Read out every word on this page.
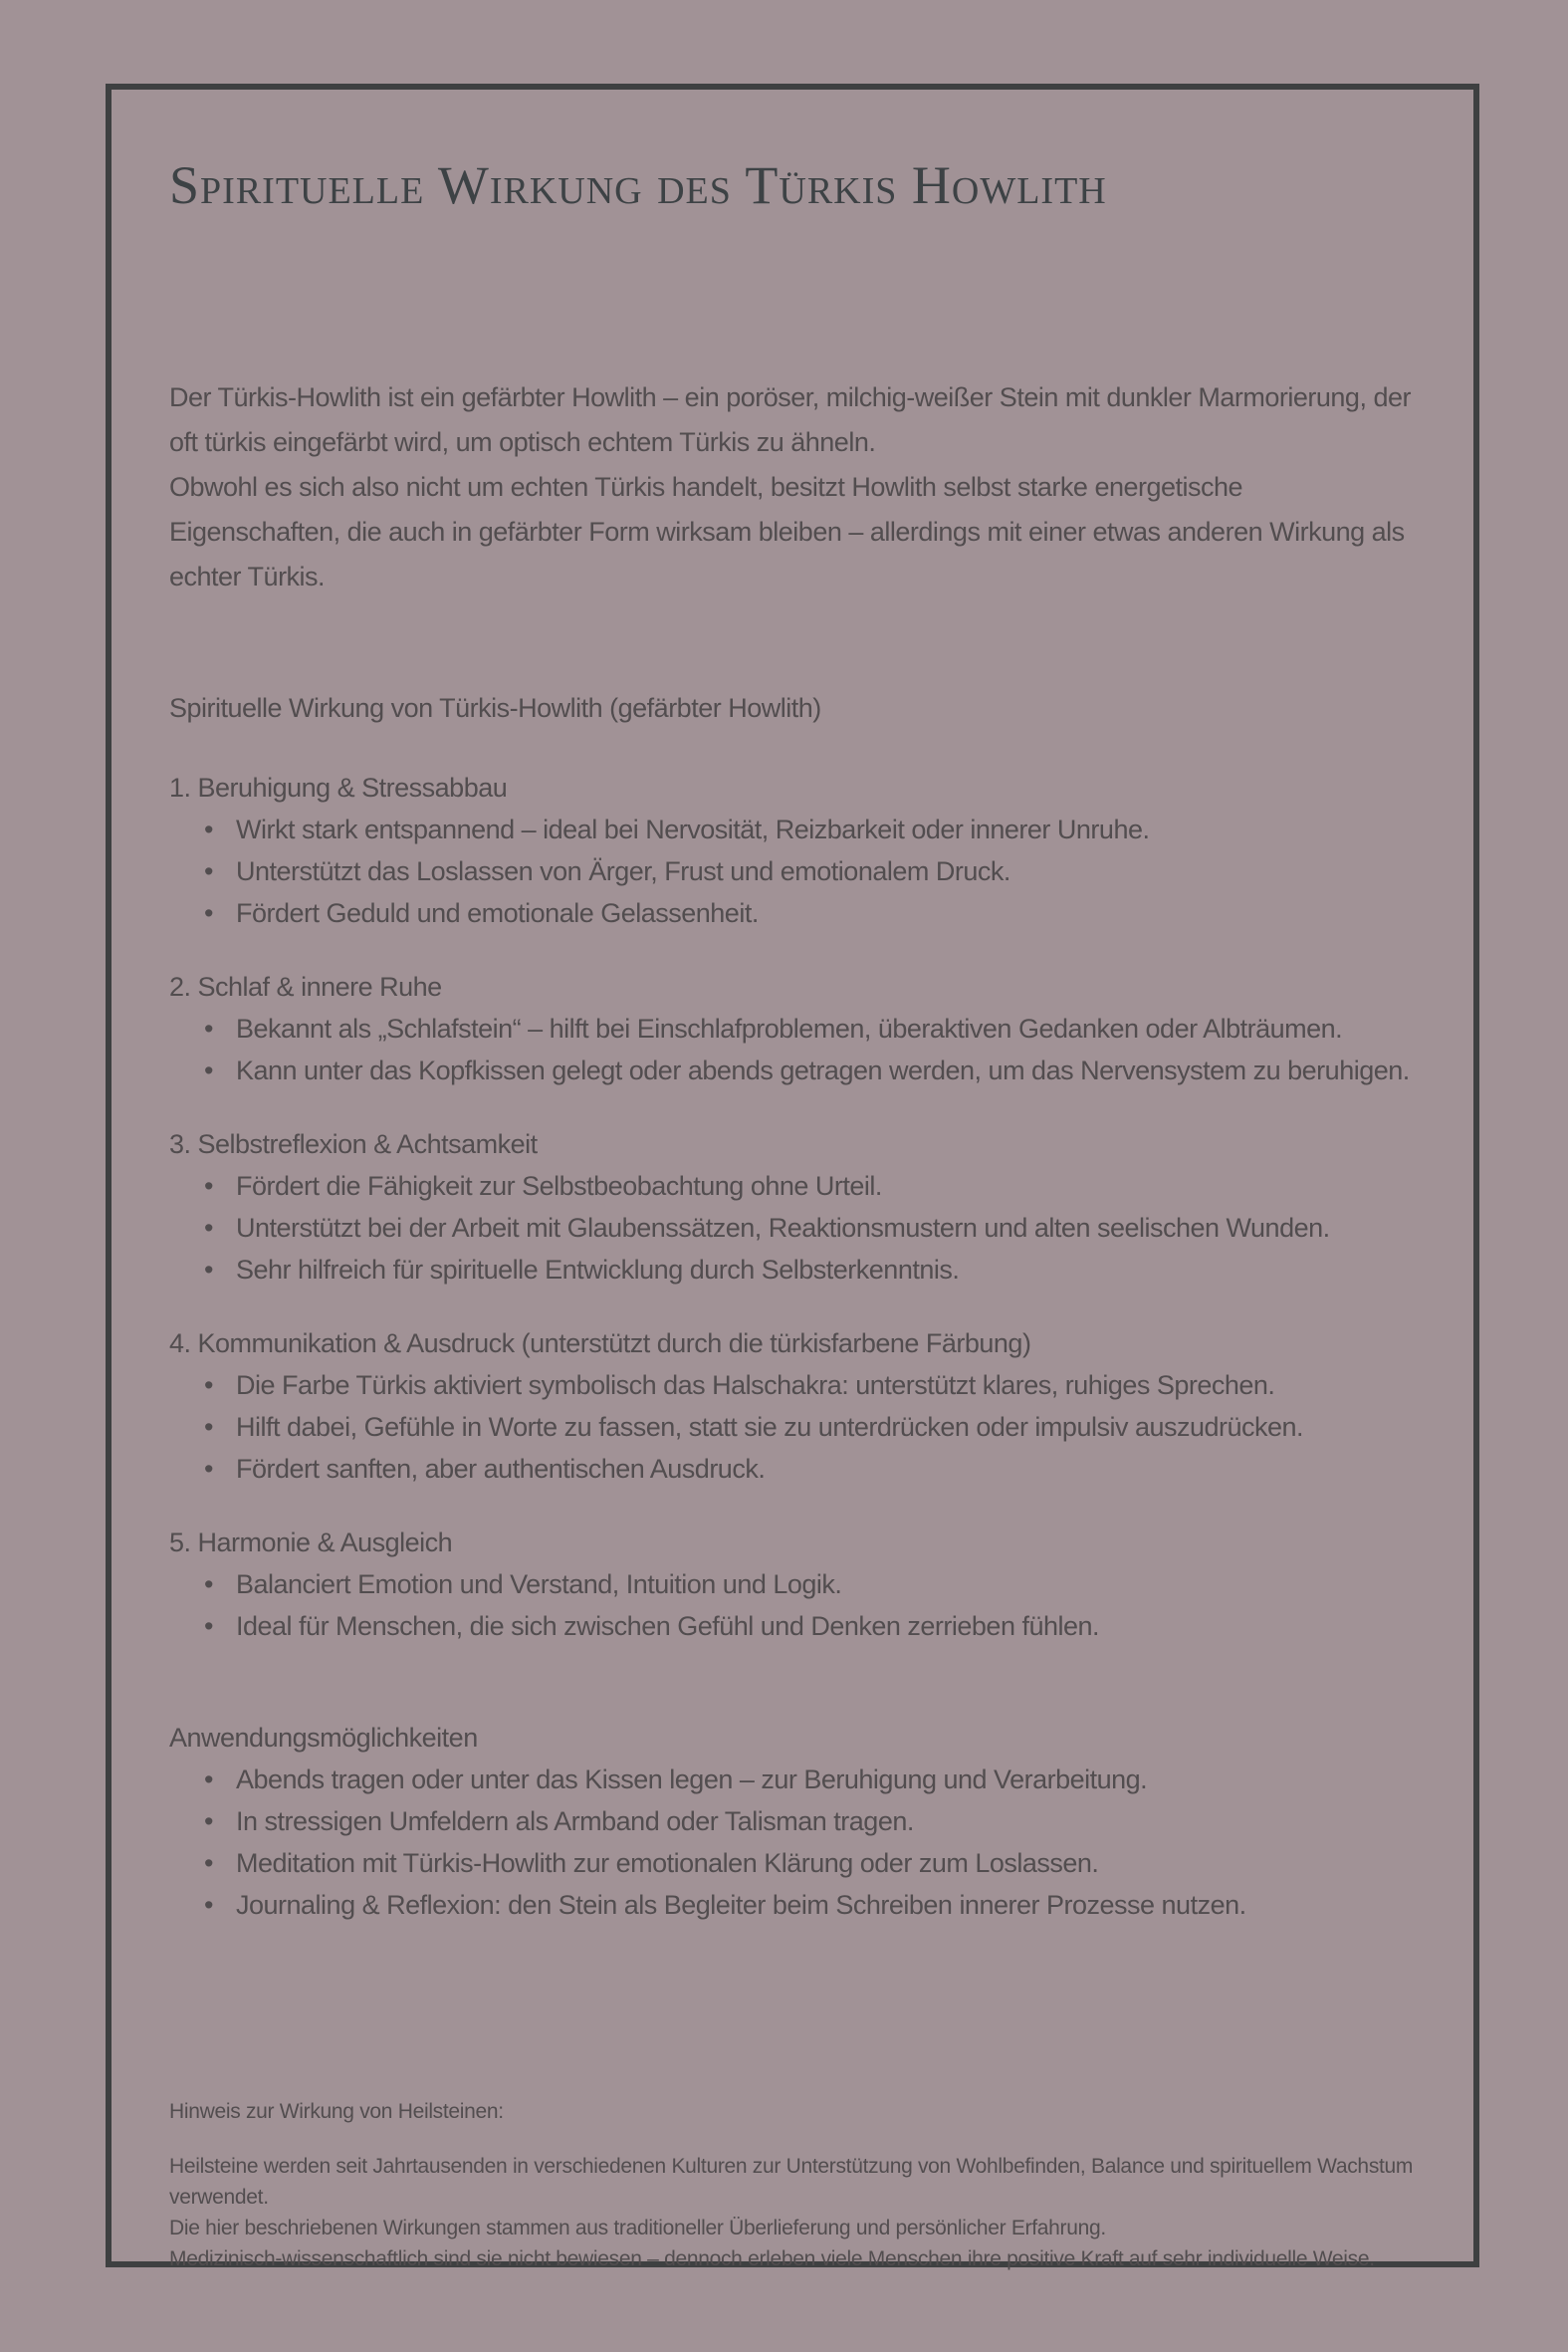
Spirituelle Wirkung des Türkis Howlith

Der Türkis-Howlith ist ein gefärbter Howlith – ein poröser, milchig-weißer Stein mit dunkler Marmorierung, der oft türkis eingefärbt wird, um optisch echtem Türkis zu ähneln.

Obwohl es sich also nicht um echten Türkis handelt, besitzt Howlith selbst starke energetische Eigenschaften, die auch in gefärbter Form wirksam bleiben – allerdings mit einer etwas anderen Wirkung als echter Türkis.

Spirituelle Wirkung von Türkis-Howlith (gefärbter Howlith)
1. Beruhigung & Stressabbau
• Wirkt stark entspannend – ideal bei Nervosität, Reizbarkeit oder innerer Unruhe.
• Unterstützt das Loslassen von Ärger, Frust und emotionalem Druck.
• Fördert Geduld und emotionale Gelassenheit.
2. Schlaf & innere Ruhe
• Bekannt als „Schlafstein“ – hilft bei Einschlafproblemen, überaktiven Gedanken oder Albträumen.
• Kann unter das Kopfkissen gelegt oder abends getragen werden, um das Nervensystem zu beruhigen.
3. Selbstreflexion & Achtsamkeit
• Fördert die Fähigkeit zur Selbstbeobachtung ohne Urteil.
• Unterstützt bei der Arbeit mit Glaubenssätzen, Reaktionsmustern und alten seelischen Wunden.
• Sehr hilfreich für spirituelle Entwicklung durch Selbsterkenntnis.
4. Kommunikation & Ausdruck (unterstützt durch die türkisfarbene Färbung)
• Die Farbe Türkis aktiviert symbolisch das Halschakra: unterstützt klares, ruhiges Sprechen.
• Hilft dabei, Gefühle in Worte zu fassen, statt sie zu unterdrücken oder impulsiv auszudrücken.
• Fördert sanften, aber authentischen Ausdruck.
5. Harmonie & Ausgleich
• Balanciert Emotion und Verstand, Intuition und Logik.
• Ideal für Menschen, die sich zwischen Gefühl und Denken zerrieben fühlen.
Anwendungsmöglichkeiten
• Abends tragen oder unter das Kissen legen – zur Beruhigung und Verarbeitung.
• In stressigen Umfeldern als Armband oder Talisman tragen.
• Meditation mit Türkis-Howlith zur emotionalen Klärung oder zum Loslassen.
• Journaling & Reflexion: den Stein als Begleiter beim Schreiben innerer Prozesse nutzen.
Hinweis zur Wirkung von Heilsteinen:
Heilsteine werden seit Jahrtausenden in verschiedenen Kulturen zur Unterstützung von Wohlbefinden, Balance und spirituellem Wachstum verwendet.
Die hier beschriebenen Wirkungen stammen aus traditioneller Überlieferung und persönlicher Erfahrung.
Medizinisch-wissenschaftlich sind sie nicht bewiesen – dennoch erleben viele Menschen ihre positive Kraft auf sehr individuelle Weise.
